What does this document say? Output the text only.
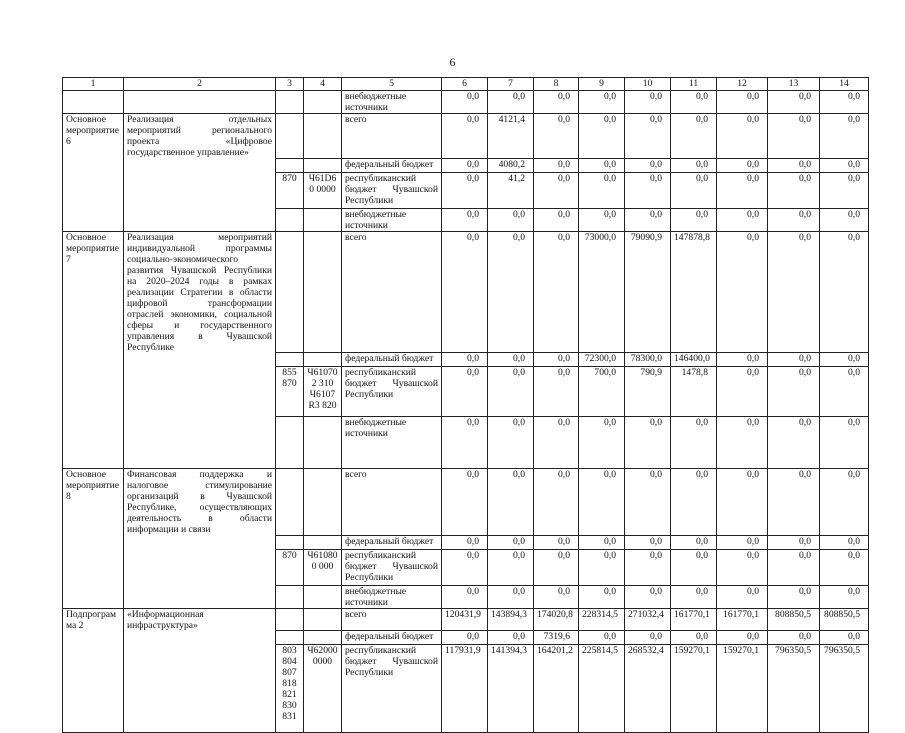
6
1	2	3	4	5	6	7	8	9	10	11	12	13	14
				внебюджетные источники	0,0	0,0	0,0	0,0	0,0	0,0	0,0	0,0	0,0
Основное мероприятие 6	Реализация отдельных мероприятий регионального проекта «Цифровое государственное управление»			всего	0,0	4121,4	0,0	0,0	0,0	0,0	0,0	0,0	0,0
				федеральный бюджет	0,0	4080,2	0,0	0,0	0,0	0,0	0,0	0,0	0,0
		870	Ч61D60 0000	республиканский бюджет Чувашской Республики	0,0	41,2	0,0	0,0	0,0	0,0	0,0	0,0	0,0
				внебюджетные источники	0,0	0,0	0,0	0,0	0,0	0,0	0,0	0,0	0,0
Основное мероприятие 7	Реализация мероприятий индивидуальной программы социально-экономического развития Чувашской Республики на 2020–2024 годы в рамках реализации Стратегии в области цифровой трансформации отраслей экономики, социальной сферы и государственного управления в Чувашской Республике			всего	0,0	0,0	0,0	73000,0	79090,9	147878,8	0,0	0,0	0,0
				федеральный бюджет	0,0	0,0	0,0	72300,0	78300,0	146400,0	0,0	0,0	0,0
		855 870	Ч610702 310 Ч6107R3 820	республиканский бюджет Чувашской Республики	0,0	0,0	0,0	700,0	790,9	1478,8	0,0	0,0	0,0
				внебюджетные источники	0,0	0,0	0,0	0,0	0,0	0,0	0,0	0,0	0,0
Основное мероприятие 8	Финансовая поддержка и налоговое стимулирование организаций в Чувашской Республике, осуществляющих деятельность в области информации и связи			всего	0,0	0,0	0,0	0,0	0,0	0,0	0,0	0,0	0,0
				федеральный бюджет	0,0	0,0	0,0	0,0	0,0	0,0	0,0	0,0	0,0
		870	Ч610800 000	республиканский бюджет Чувашской Республики	0,0	0,0	0,0	0,0	0,0	0,0	0,0	0,0	0,0
				внебюджетные источники	0,0	0,0	0,0	0,0	0,0	0,0	0,0	0,0	0,0
Подпрограмма 2	«Информационная инфраструктура»			всего	120431,9	143894,3	174020,8	228314,5	271032,4	161770,1	161770,1	808850,5	808850,5
				федеральный бюджет	0,0	0,0	7319,6	0,0	0,0	0,0	0,0	0,0	0,0
		803 804 807 818 821 830 831	Ч62000 0000	республиканский бюджет Чувашской Республики	117931,9	141394,3	164201,2	225814,5	268532,4	159270,1	159270,1	796350,5	796350,5
